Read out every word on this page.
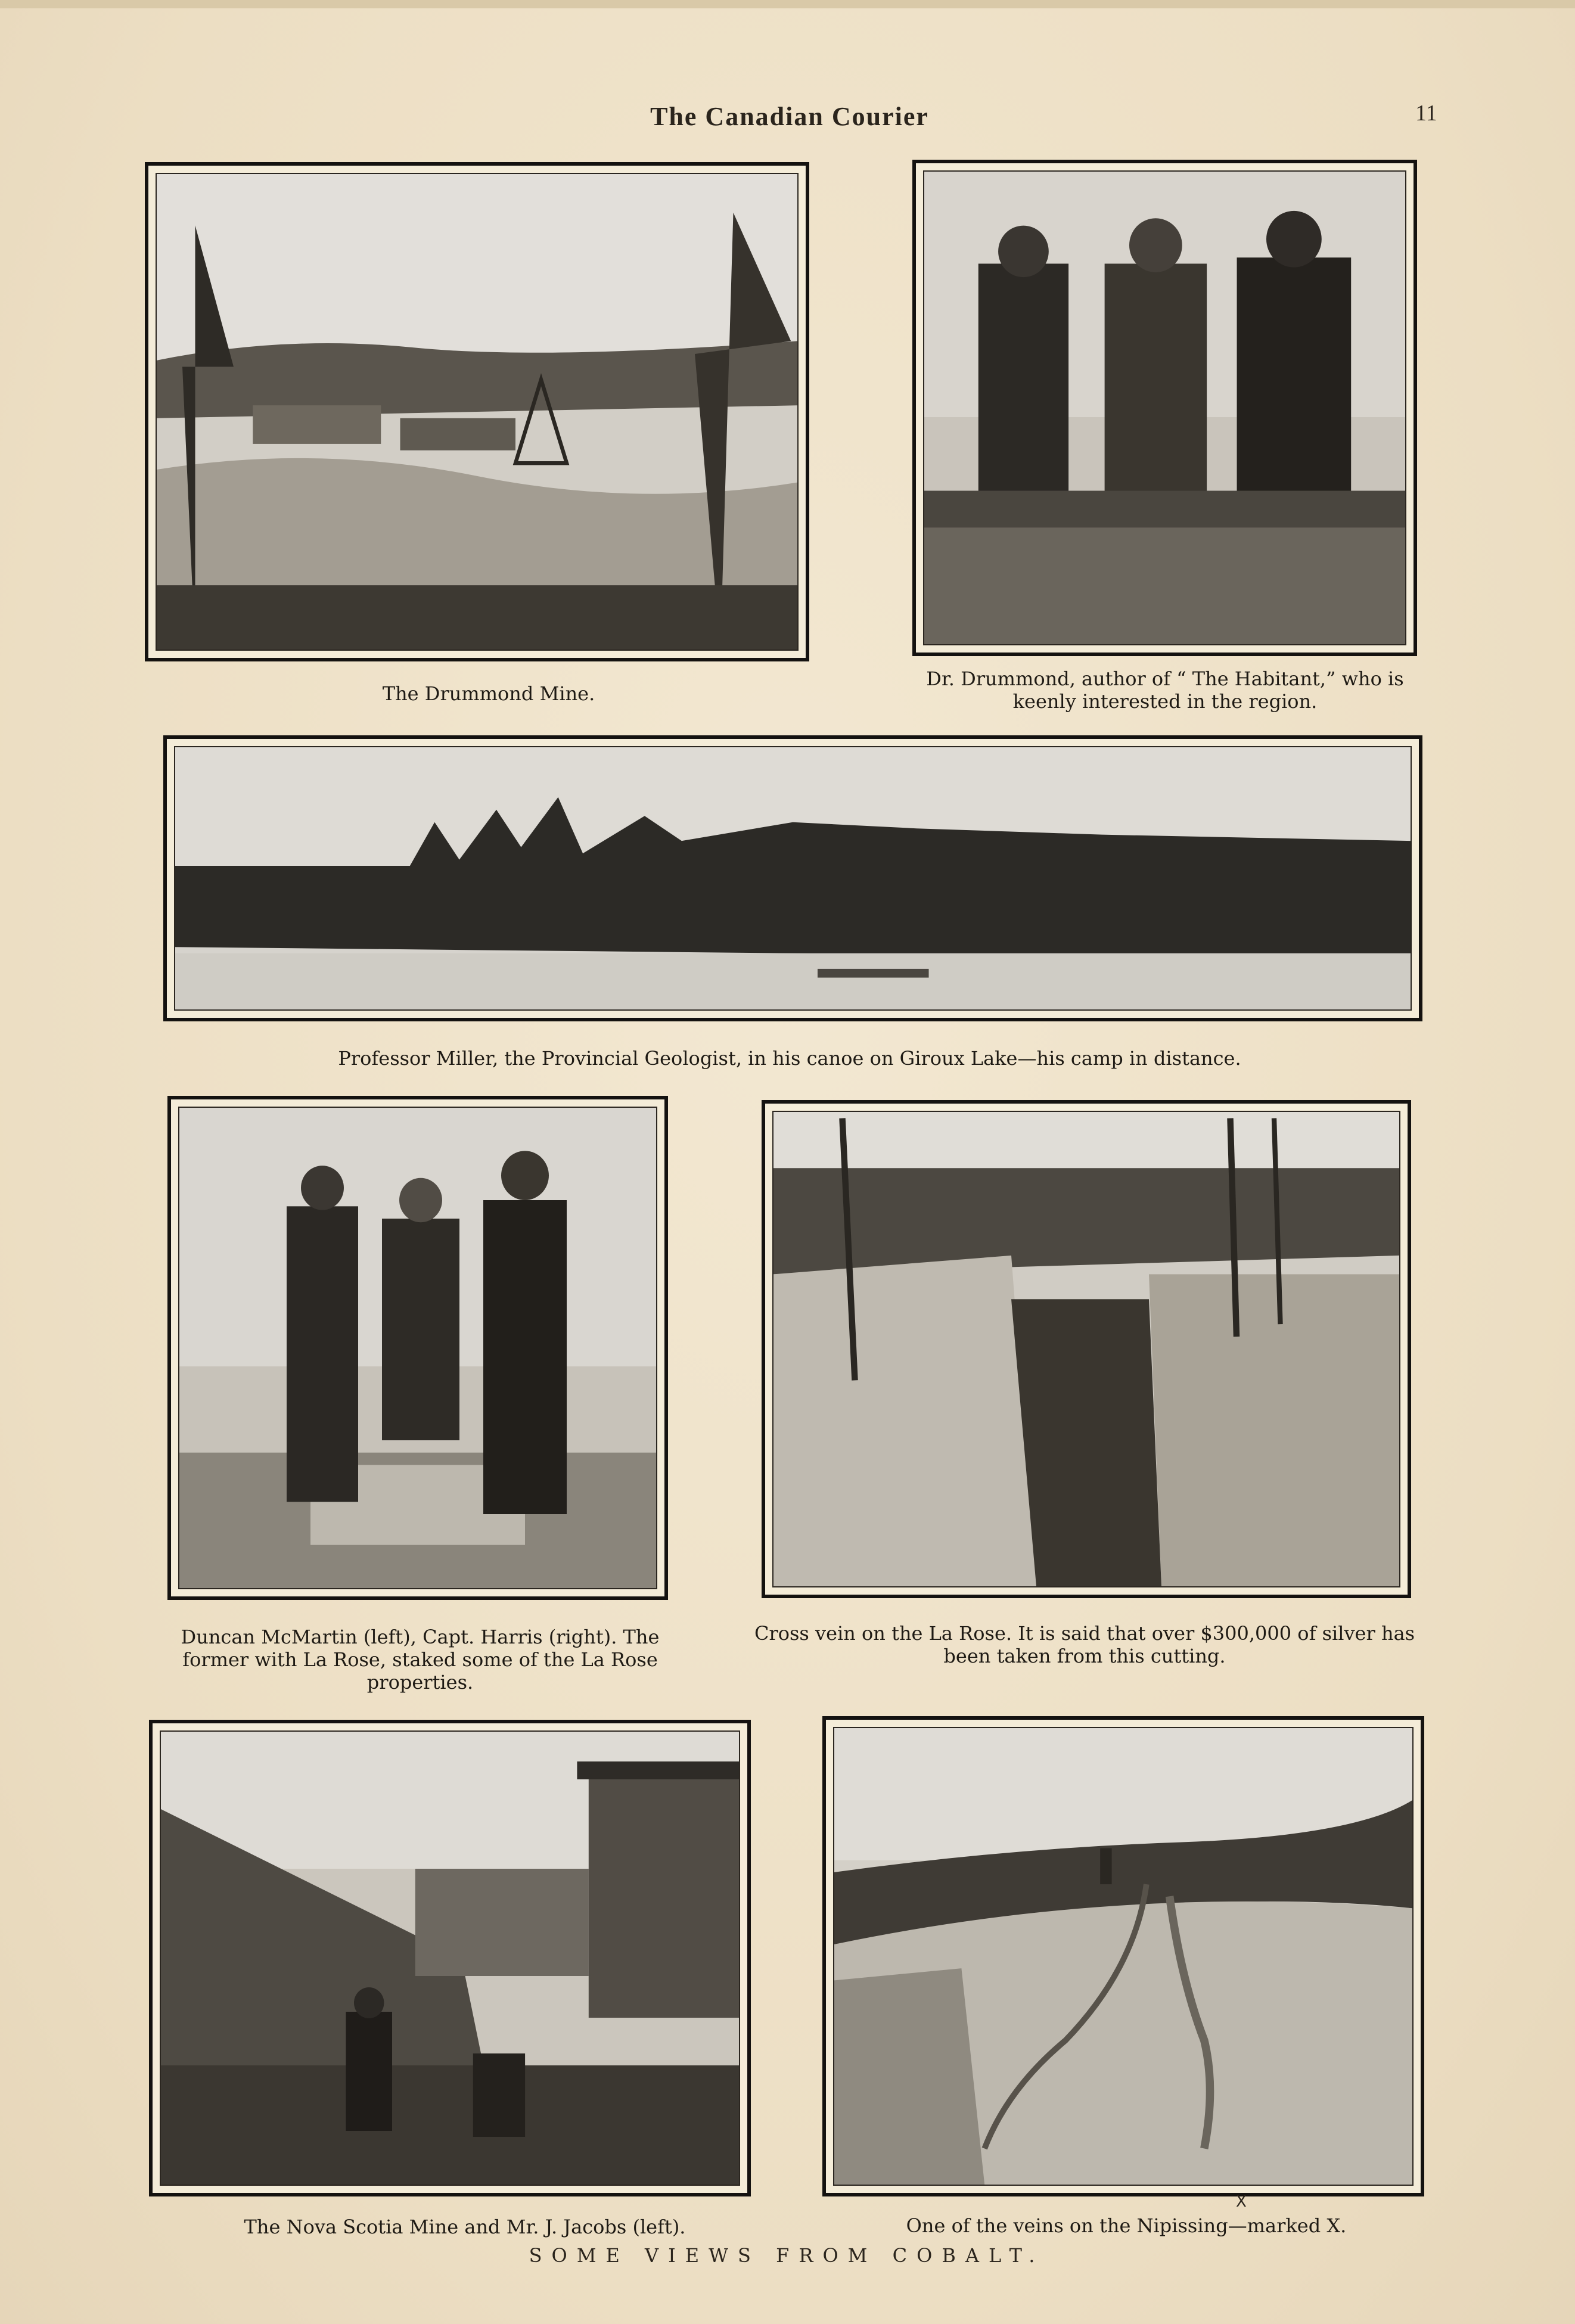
The Canadian Courier	11
The Drummond Mine.
Dr. Drummond, author of “ The Habitant,” who is keenly interested in the region.
Professor Miller, the Provincial Geologist, in his canoe on Giroux Lake—his camp in distance.
Duncan McMartin (left), Capt. Harris (right). The former with La Rose, staked some of the La Rose properties.
Cross vein on the La Rose. It is said that over $300,000 of silver has been taken from this cutting.
The Nova Scotia Mine and Mr. J. Jacobs (left).
X
One of the veins on the Nipissing—marked X.
SOME VIEWS FROM COBALT.
